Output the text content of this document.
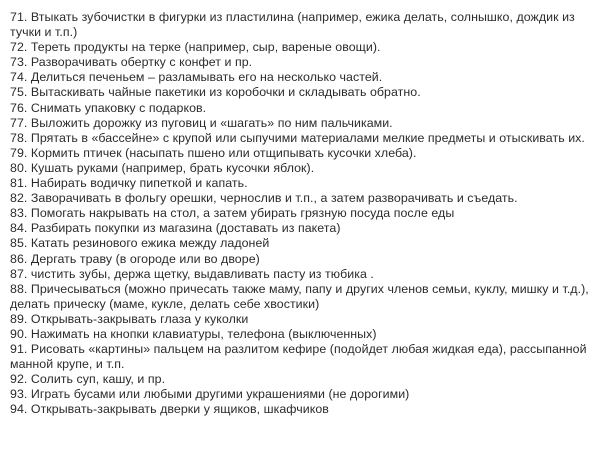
71. Втыкать зубочистки в фигурки из пластилина (например, ежика делать, солнышко, дождик из тучки и т.п.)
72. Тереть продукты на терке (например, сыр, вареные овощи).
73. Разворачивать обертку с конфет и пр.
74. Делиться печеньем – разламывать его на несколько частей.
75. Вытаскивать чайные пакетики из коробочки и складывать обратно.
76. Снимать упаковку с подарков.
77. Выложить дорожку из пуговиц и «шагать» по ним пальчиками.
78. Прятать в «бассейне» с крупой или сыпучими материалами мелкие предметы и отыскивать их.
79. Кормить птичек (насыпать пшено или отщипывать кусочки хлеба).
80. Кушать руками (например, брать кусочки яблок).
81. Набирать водичку пипеткой и капать.
82. Заворачивать в фольгу орешки, чернослив и т.п., а затем разворачивать и съедать.
83. Помогать накрывать на стол, а затем убирать грязную посуда после еды
84. Разбирать покупки из магазина (доставать из пакета)
85. Катать резинового ежика между ладоней
86. Дергать траву (в огороде или во дворе)
87. чистить зубы, держа щетку, выдавливать пасту из тюбика .
88. Причесываться (можно причесать также маму, папу и других членов семьи, куклу, мишку и т.д.), делать прическу (маме, кукле, делать себе хвостики)
89. Открывать-закрывать глаза у куколки
90. Нажимать на кнопки клавиатуры, телефона (выключенных)
91. Рисовать «картины» пальцем на разлитом кефире (подойдет любая жидкая еда), рассыпанной манной крупе, и т.п.
92. Солить суп, кашу, и пр.
93. Играть бусами или любыми другими украшениями (не дорогими)
94. Открывать-закрывать дверки у ящиков, шкафчиков
